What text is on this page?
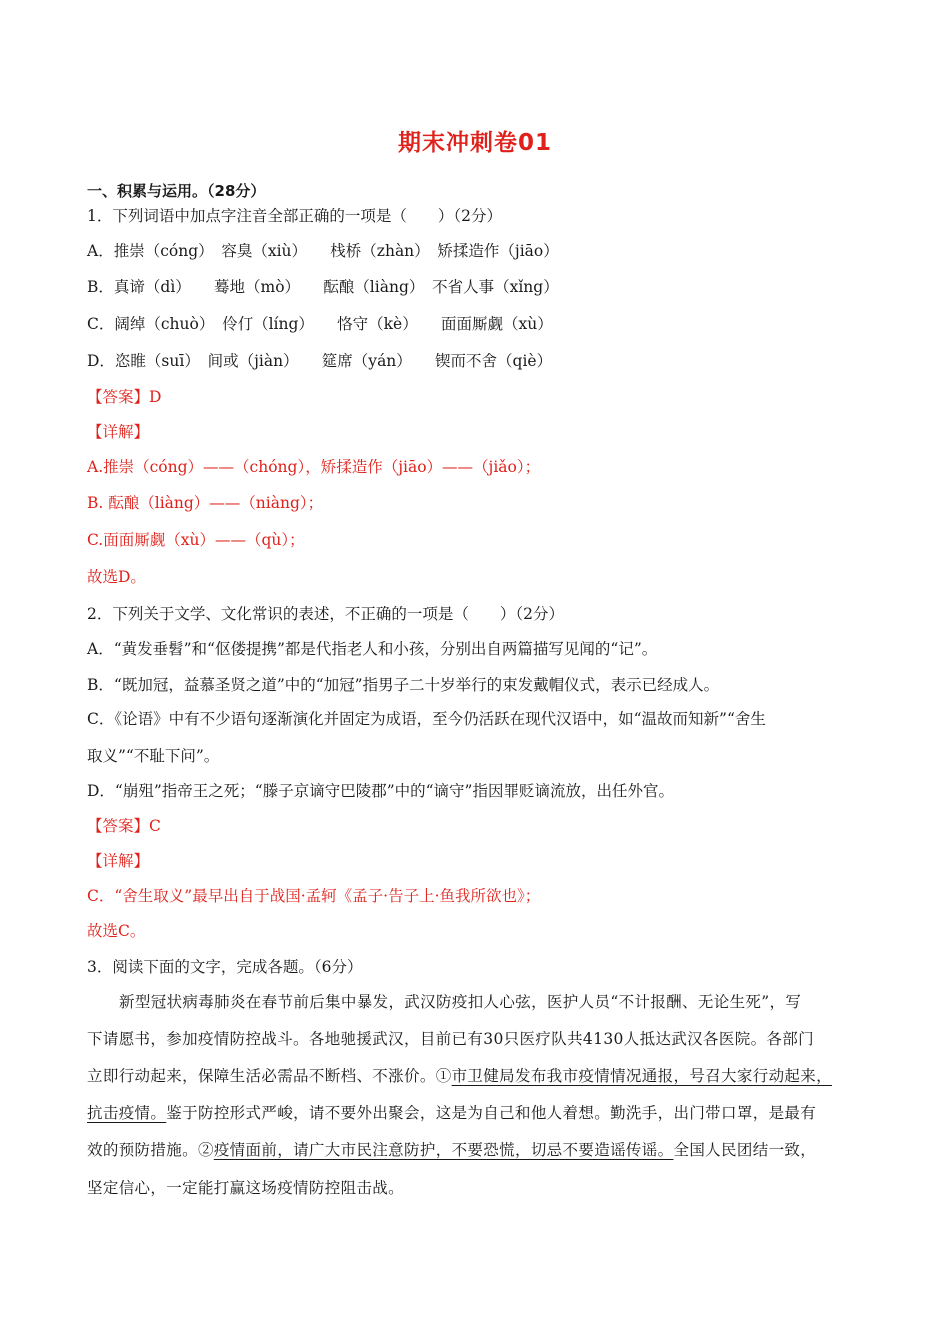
期末冲刺卷01
一、积累与运用。（28分）
1．下列词语中加点字注音全部正确的一项是（　　）（2分）
A．推崇（cóng）　容臭（xiù）　　栈桥（zhàn）　矫揉造作（jiāo）
B．真谛（dì）　　蓦地（mò）　　酝酿（liàng）　不省人事（xǐng）
C．阔绰（chuò）　伶仃（líng）　　恪守（kè）　　面面厮觑（xù）
D．恣睢（suī）　间或（jiàn）　　筵席（yán）　　锲而不舍（qiè）
【答案】D
【详解】
A.推崇（cóng）——（chóng），矫揉造作（jiāo）——（jiǎo）；
B. 酝酿（liàng）——（niàng）；
C.面面厮觑（xù）——（qù）；
故选D。
2．下列关于文学、文化常识的表述，不正确的一项是（　　）（2分）
A．“黄发垂髫”和“伛偻提携”都是代指老人和小孩，分别出自两篇描写见闻的“记”。
B．“既加冠，益慕圣贤之道”中的“加冠”指男子二十岁举行的束发戴帽仪式，表示已经成人。
C．《论语》中有不少语句逐渐演化并固定为成语，至今仍活跃在现代汉语中，如“温故而知新”“舍生
取义”“不耻下问”。
D．“崩殂”指帝王之死；“滕子京谪守巴陵郡”中的“谪守”指因罪贬谪流放，出任外官。
【答案】C
【详解】
C．“舍生取义”最早出自于战国·孟轲《孟子·告子上·鱼我所欲也》；
故选C。
3．阅读下面的文字，完成各题。（6分）
新型冠状病毒肺炎在春节前后集中暴发，武汉防疫扣人心弦，医护人员“不计报酬、无论生死”，写
下请愿书，参加疫情防控战斗。各地驰援武汉，目前已有30只医疗队共4130人抵达武汉各医院。各部门
立即行动起来，保障生活必需品不断档、不涨价。①市卫健局发布我市疫情情况通报，号召大家行动起来，
抗击疫情。鉴于防控形式严峻，请不要外出聚会，这是为自己和他人着想。勤洗手，出门带口罩，是最有
效的预防措施。②疫情面前，请广大市民注意防护，不要恐慌，切忌不要造谣传谣。全国人民团结一致，
坚定信心，一定能打赢这场疫情防控阻击战。
